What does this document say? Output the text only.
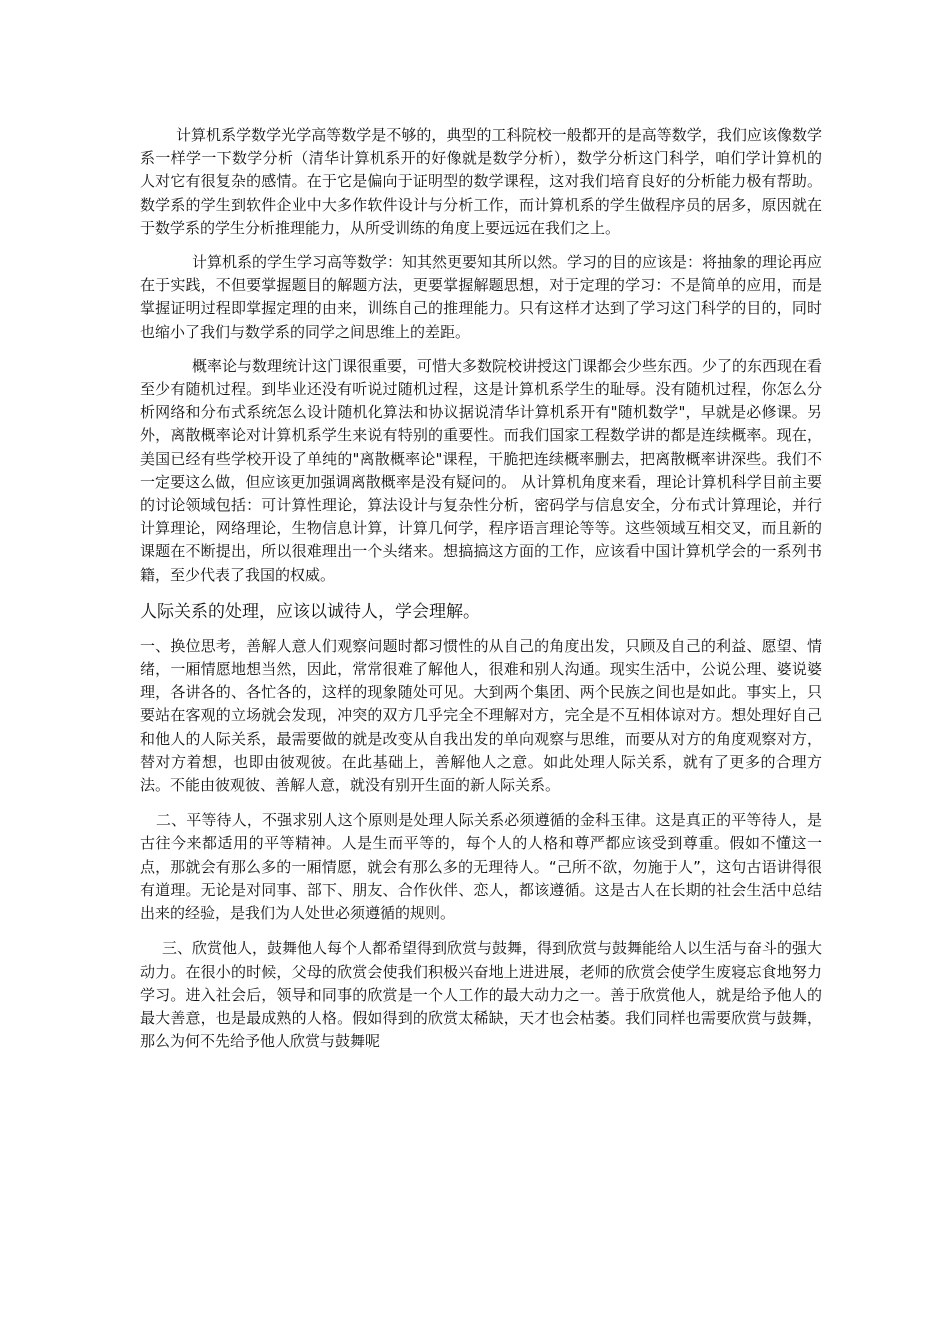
计算机系学数学光学高等数学是不够的，典型的工科院校一般都开的是高等数学，我们应该像数学系一样学一下数学分析（清华计算机系开的好像就是数学分析），数学分析这门科学，咱们学计算机的人对它有很复杂的感情。在于它是偏向于证明型的数学课程，这对我们培育良好的分析能力极有帮助。数学系的学生到软件企业中大多作软件设计与分析工作，而计算机系的学生做程序员的居多，原因就在于数学系的学生分析推理能力，从所受训练的角度上要远远在我们之上。

计算机系的学生学习高等数学：知其然更要知其所以然。学习的目的应该是：将抽象的理论再应在于实践，不但要掌握题目的解题方法，更要掌握解题思想，对于定理的学习：不是简单的应用，而是掌握证明过程即掌握定理的由来，训练自己的推理能力。只有这样才达到了学习这门科学的目的，同时也缩小了我们与数学系的同学之间思维上的差距。

概率论与数理统计这门课很重要，可惜大多数院校讲授这门课都会少些东西。少了的东西现在看至少有随机过程。到毕业还没有听说过随机过程，这是计算机系学生的耻辱。没有随机过程，你怎么分析网络和分布式系统怎么设计随机化算法和协议据说清华计算机系开有"随机数学"，早就是必修课。另外，离散概率论对计算机系学生来说有特别的重要性。而我们国家工程数学讲的都是连续概率。现在，美国已经有些学校开设了单纯的"离散概率论"课程，干脆把连续概率删去，把离散概率讲深些。我们不一定要这么做，但应该更加强调离散概率是没有疑问的。 从计算机角度来看，理论计算机科学目前主要的讨论领域包括：可计算性理论，算法设计与复杂性分析，密码学与信息安全，分布式计算理论，并行计算理论，网络理论，生物信息计算，计算几何学，程序语言理论等等。这些领域互相交叉，而且新的课题在不断提出，所以很难理出一个头绪来。想搞搞这方面的工作，应该看中国计算机学会的一系列书籍，至少代表了我国的权威。

人际关系的处理，应该以诚待人，学会理解。

一、换位思考，善解人意人们观察问题时都习惯性的从自己的角度出发，只顾及自己的利益、愿望、情绪，一厢情愿地想当然，因此，常常很难了解他人，很难和别人沟通。现实生活中，公说公理、婆说婆理，各讲各的、各忙各的，这样的现象随处可见。大到两个集团、两个民族之间也是如此。事实上，只要站在客观的立场就会发现，冲突的双方几乎完全不理解对方，完全是不互相体谅对方。想处理好自己和他人的人际关系，最需要做的就是改变从自我出发的单向观察与思维，而要从对方的角度观察对方，替对方着想，也即由彼观彼。在此基础上，善解他人之意。如此处理人际关系，就有了更多的合理方法。不能由彼观彼、善解人意，就没有别开生面的新人际关系。

二、平等待人，不强求别人这个原则是处理人际关系必须遵循的金科玉律。这是真正的平等待人，是古往今来都适用的平等精神。人是生而平等的，每个人的人格和尊严都应该受到尊重。假如不懂这一点，那就会有那么多的一厢情愿，就会有那么多的无理待人。“己所不欲，勿施于人”，这句古语讲得很有道理。无论是对同事、部下、朋友、合作伙伴、恋人，都该遵循。这是古人在长期的社会生活中总结出来的经验，是我们为人处世必须遵循的规则。

三、欣赏他人，鼓舞他人每个人都希望得到欣赏与鼓舞，得到欣赏与鼓舞能给人以生活与奋斗的强大动力。在很小的时候，父母的欣赏会使我们积极兴奋地上进进展，老师的欣赏会使学生废寝忘食地努力学习。进入社会后，领导和同事的欣赏是一个人工作的最大动力之一。善于欣赏他人，就是给予他人的最大善意，也是最成熟的人格。假如得到的欣赏太稀缺，天才也会枯萎。我们同样也需要欣赏与鼓舞，那么为何不先给予他人欣赏与鼓舞呢
